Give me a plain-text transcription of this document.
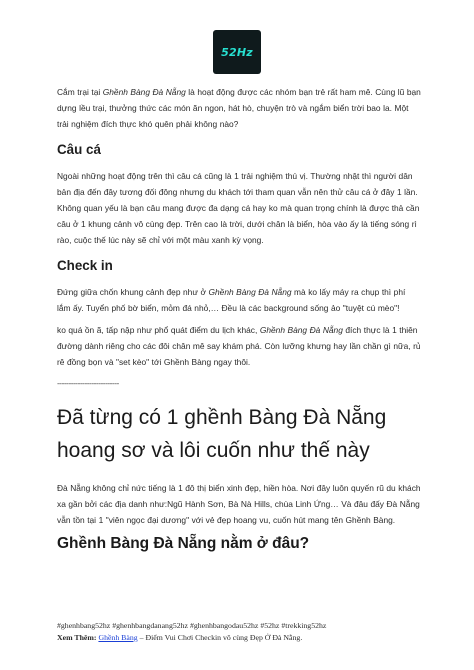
52Hz

Cắm trại tại Ghềnh Bàng Đà Nẵng là hoạt động được các nhóm bạn trẻ rất ham mê. Cùng lũ bạn dựng lều trại, thưởng thức các món ăn ngon, hát hò, chuyện trò và ngắm biển trời bao la. Một trải nghiệm đích thực khó quên phải không nào?

Câu cá

Ngoài những hoạt động trên thì câu cá cũng là 1 trải nghiệm thú vị. Thường nhật thì người dân bản địa đến đây tương đối đông nhưng du khách tới tham quan vẫn nên thử câu cá ở đây 1 lần. Không quan yếu là bạn câu mang được đa dạng cá hay ko mà quan trọng chính là được thả cần câu ở 1 khung cảnh vô cùng đẹp. Trên cao là trời, dưới chân là biển, hòa vào ấy là tiếng sóng rì rào, cuộc thế lúc này sẽ chỉ với một màu xanh kỳ vọng.

Check in

Đứng giữa chốn khung cảnh đẹp như ở Ghềnh Bàng Đà Nẵng mà ko lấy máy ra chụp thì phí lắm ấy. Tuyển phố bờ biển, mỏm đá nhỏ,… Đều là các background sống ảo "tuyệt cú mèo"!

ko quá ồn ã, tấp nập như phổ quát điểm du lịch khác, Ghềnh Bàng Đà Nẵng đích thực là 1 thiên đường dành riêng cho các đôi chân mê say khám phá. Còn lưỡng khưng hay lần chần gì nữa, rủ rê đồng bọn và "set kèo" tới Ghềnh Bàng ngay thôi.

---------------------------
Đã từng có 1 ghềnh Bàng Đà Nẵng hoang sơ và lôi cuốn như thế này

Đà Nẵng không chỉ nức tiếng là 1 đô thị biển xinh đẹp, hiền hòa. Nơi đây luôn quyến rũ du khách xa gần bởi các địa danh như:Ngũ Hành Sơn, Bà Nà Hills, chùa Linh Ứng… Và đâu đấy Đà Nẵng vẫn tồn tại 1 "viên ngọc đại dương" với vẻ đẹp hoang vu, cuốn hút mang tên Ghềnh Bàng.

Ghềnh Bàng Đà Nẵng nằm ở đâu?
#ghenhbang52hz #ghenhbangdanang52hz #ghenhbangodau52hz #52hz #trekking52hz
Xem Thêm: Ghềnh Bàng – Điểm Vui Chơi Checkin vô cùng Đẹp Ở Đà Nẵng.
